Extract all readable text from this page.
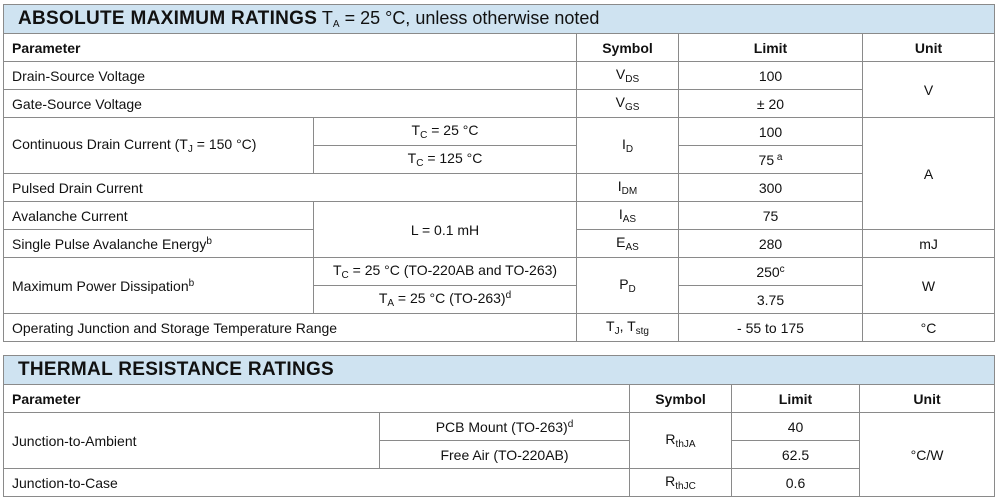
ABSOLUTE MAXIMUM RATINGS $T_A = 25$ °C, unless otherwise noted				
Parameter		Symbol	Limit	Unit
Drain-Source Voltage		$V_{DS}$	100	V
Gate-Source Voltage		$V_{GS}$	± 20	
Continuous Drain Current ($T_J = 150$ °C)	$T_C = 25$ °C	$I_D$	100	A
	$T_C = 125$ °C		75 $^a$
Pulsed Drain Current		$I_{DM}$	300	
Avalanche Current	L = 0.1 mH	$I_{AS}$	75	
Single Pulse Avalanche Energy$^b$		$E_{AS}$	280	mJ
Maximum Power Dissipation$^b$	$T_C = 25$ °C (TO-220AB and TO-263)	$P_D$	250$^c$	W
	$T_A = 25$ °C $(TO-263)^d$		3.75	
Operating Junction and Storage Temperature Range		$T_J$, $T_{stg}$	- 55 to 175	°C
THERMAL RESISTANCE RATINGS				
Parameter		Symbol	Limit	Unit
Junction-to-Ambient	PCB Mount $(TO-263)^d$	$R_{thJA}$	40	°C/W
	Free Air (TO-220AB)		62.5	
Junction-to-Case		$R_{thJC}$	0.6	
